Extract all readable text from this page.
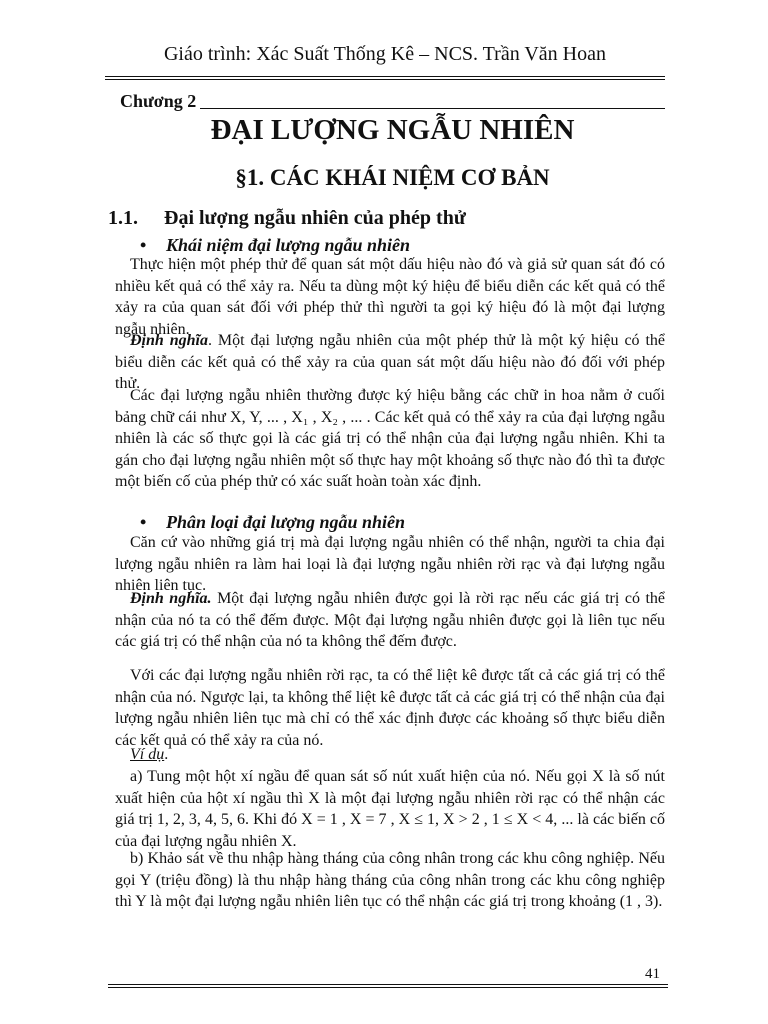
Giáo trình: Xác Suất Thống Kê – NCS. Trần Văn Hoan
Chương 2
ĐẠI LƯỢNG NGẪU NHIÊN
§1. CÁC KHÁI NIỆM CƠ BẢN
1.1. Đại lượng ngẫu nhiên của phép thử
• Khái niệm đại lượng ngẫu nhiên
Thực hiện một phép thử để quan sát một dấu hiệu nào đó và giả sử quan sát đó có nhiều kết quả có thể xảy ra. Nếu ta dùng một ký hiệu để biểu diễn các kết quả có thể xảy ra của quan sát đối với phép thử thì người ta gọi ký hiệu đó là một đại lượng ngẫu nhiên.
Định nghĩa. Một đại lượng ngẫu nhiên của một phép thử là một ký hiệu có thể biểu diễn các kết quả có thể xảy ra của quan sát một dấu hiệu nào đó đối với phép thử.
Các đại lượng ngẫu nhiên thường được ký hiệu bằng các chữ in hoa nằm ở cuối bảng chữ cái như X, Y, ... , X₁ , X₂ , ... . Các kết quả có thể xảy ra của đại lượng ngẫu nhiên là các số thực gọi là các giá trị có thể nhận của đại lượng ngẫu nhiên. Khi ta gán cho đại lượng ngẫu nhiên một số thực hay một khoảng số thực nào đó thì ta được một biến cố của phép thử có xác suất hoàn toàn xác định.
• Phân loại đại lượng ngẫu nhiên
Căn cứ vào những giá trị mà đại lượng ngẫu nhiên có thể nhận, người ta chia đại lượng ngẫu nhiên ra làm hai loại là đại lượng ngẫu nhiên rời rạc và đại lượng ngẫu nhiên liên tục.
Định nghĩa. Một đại lượng ngẫu nhiên được gọi là rời rạc nếu các giá trị có thể nhận của nó ta có thể đếm được. Một đại lượng ngẫu nhiên được gọi là liên tục nếu các giá trị có thể nhận của nó ta không thể đếm được.
Với các đại lượng ngẫu nhiên rời rạc, ta có thể liệt kê được tất cả các giá trị có thể nhận của nó. Ngược lại, ta không thể liệt kê được tất cả các giá trị có thể nhận của đại lượng ngẫu nhiên liên tục mà chỉ có thể xác định được các khoảng số thực biểu diễn các kết quả có thể xảy ra của nó.
Ví dụ.
a) Tung một hột xí ngầu để quan sát số nút xuất hiện của nó. Nếu gọi X là số nút xuất hiện của hột xí ngầu thì X là một đại lượng ngẫu nhiên rời rạc có thể nhận các giá trị 1, 2, 3, 4, 5, 6. Khi đó X = 1 , X = 7 , X ≤ 1, X > 2 , 1 ≤ X < 4, ... là các biến cố của đại lượng ngẫu nhiên X.
b) Khảo sát về thu nhập hàng tháng của công nhân trong các khu công nghiệp. Nếu gọi Y (triệu đồng) là thu nhập hàng tháng của công nhân trong các khu công nghiệp thì Y là một đại lượng ngẫu nhiên liên tục có thể nhận các giá trị trong khoảng (1 , 3).
41
